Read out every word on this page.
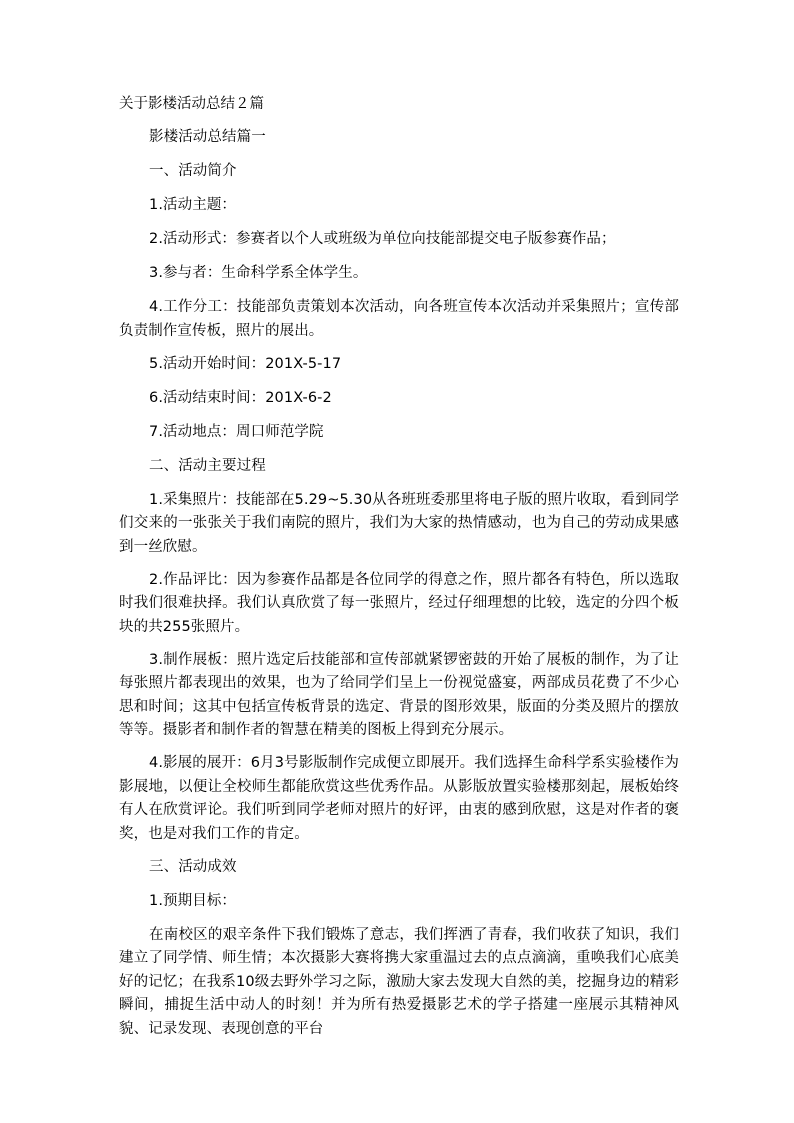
关于影楼活动总结２篇
影楼活动总结篇一
一、活动简介
1.活动主题：
2.活动形式：参赛者以个人或班级为单位向技能部提交电子版参赛作品；
3.参与者：生命科学系全体学生。
4.工作分工：技能部负责策划本次活动，向各班宣传本次活动并采集照片；宣传部负责制作宣传板，照片的展出。
5.活动开始时间：201X-5-17
6.活动结束时间：201X-6-2
7.活动地点：周口师范学院
二、活动主要过程
1.采集照片：技能部在5.29~5.30从各班班委那里将电子版的照片收取，看到同学们交来的一张张关于我们南院的照片，我们为大家的热情感动，也为自己的劳动成果感到一丝欣慰。
2.作品评比：因为参赛作品都是各位同学的得意之作，照片都各有特色，所以选取时我们很难抉择。我们认真欣赏了每一张照片，经过仔细理想的比较，选定的分四个板块的共255张照片。
3.制作展板：照片选定后技能部和宣传部就紧锣密鼓的开始了展板的制作，为了让每张照片都表现出的效果，也为了给同学们呈上一份视觉盛宴，两部成员花费了不少心思和时间；这其中包括宣传板背景的选定、背景的图形效果，版面的分类及照片的摆放等等。摄影者和制作者的智慧在精美的图板上得到充分展示。
4.影展的展开：6月3号影版制作完成便立即展开。我们选择生命科学系实验楼作为影展地，以便让全校师生都能欣赏这些优秀作品。从影版放置实验楼那刻起，展板始终有人在欣赏评论。我们听到同学老师对照片的好评，由衷的感到欣慰，这是对作者的褒奖，也是对我们工作的肯定。
三、活动成效
1.预期目标：
在南校区的艰辛条件下我们锻炼了意志，我们挥洒了青春，我们收获了知识，我们建立了同学情、师生情；本次摄影大赛将携大家重温过去的点点滴滴，重唤我们心底美好的记忆；在我系10级去野外学习之际，激励大家去发现大自然的美，挖掘身边的精彩瞬间，捕捉生活中动人的时刻！并为所有热爱摄影艺术的学子搭建一座展示其精神风貌、记录发现、表现创意的平台
